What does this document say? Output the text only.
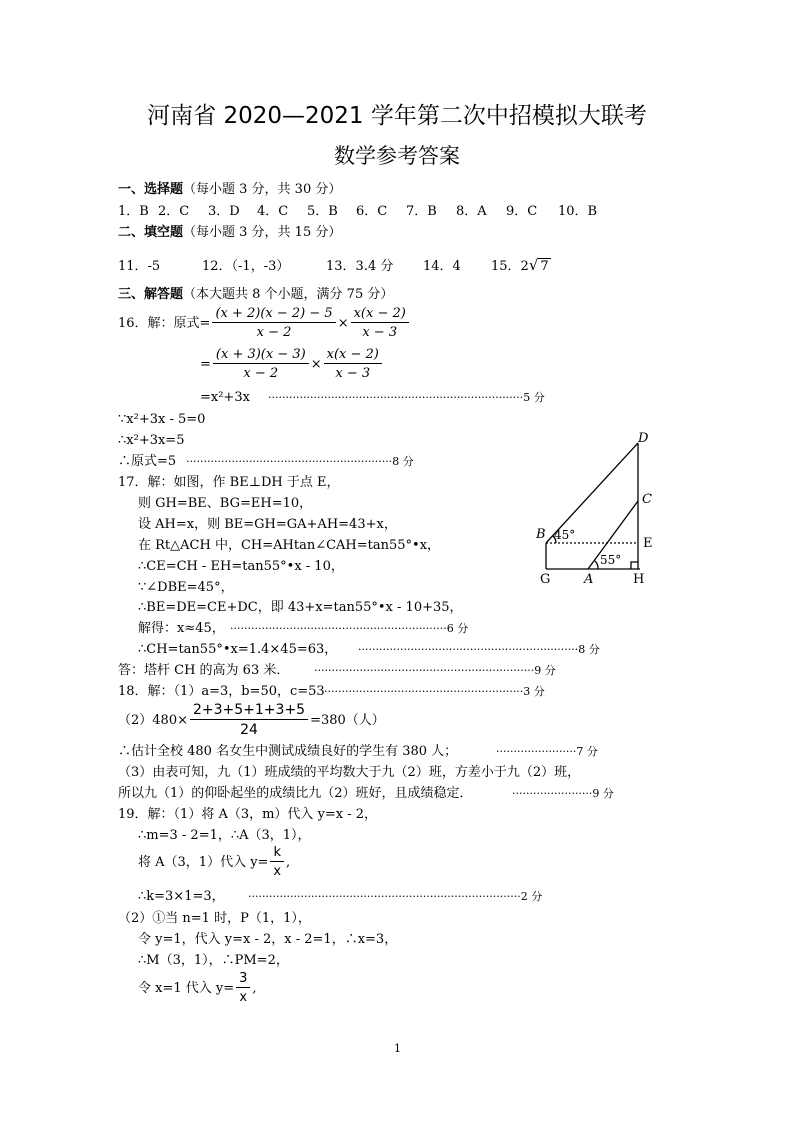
河南省 2020—2021 学年第二次中招模拟大联考
数学参考答案
一、选择题（每小题 3 分，共 30 分）
1．B 2．C 3．D 4．C 5．B 6．C 7．B 8．A 9．C 10．B
二、填空题（每小题 3 分，共 15 分）
11．-5	12．（-1，-3）	13．3.4 分 14．4 15．2√ 7
三、解答题（本大题共 8 个小题，满分 75 分）
16．解：原式= $\frac{(x + 2)(x - 2) - 5}{x - 2} \times \frac{x(x - 2)}{x - 3}$
= $\frac{(x + 3)(x - 3)}{x - 2} \times \frac{x(x - 2)}{x - 3}$
=x²+3x ·········································································5 分
∵x²+3x - 5=0
∴x²+3x=5
∴原式=5 ···························································8 分
17．解：如图，作 BE⊥DH 于点 E，
则 GH=BE、BG=EH=10，
设 AH=x，则 BE=GH=GA+AH=43+x，
在 Rt△ACH 中，CH=AHtan∠CAH=tan55°•x，
∴CE=CH - EH=tan55°•x - 10，
∵∠DBE=45°，
∴BE=DE=CE+DC，即 43+x=tan55°•x - 10+35，
解得：x≈45， ······························································6 分
∴CH=tan55°•x=1.4×45=63， ·······························································8 分
答：塔杆 CH 的高为 63 米． ·······························································9 分
D
C
B
E
G	A	H
45°
55°
18．解：（1）a=3，b=50，c=53·························································3 分
$(2)480\times \frac{2+3+5+1+3+5}{24} =380$（人）
∴估计全校 480 名女生中测试成绩良好的学生有 380 人；	·······················7 分
（3）由表可知，九（1）班成绩的平均数大于九（2）班，方差小于九（2）班，
所以九（1）的仰卧起坐的成绩比九（2）班好，且成绩稳定．	·······················9 分
19．解：（1）将 A（3，m）代入 y=x - 2，
∴m=3 - 2=1，∴A（3，1），
将 A（3，1）代入 $y= \frac{k}{x}$ ,
∴k=3×1=3， ··············································································2 分
（2）①当 n=1 时，P（1，1），
令 y=1，代入 y=x - 2，x - 2=1，∴x=3，
∴M（3，1），∴PM=2，
令 x=1 代入 $y= \frac{3}{x}$ ,
1
